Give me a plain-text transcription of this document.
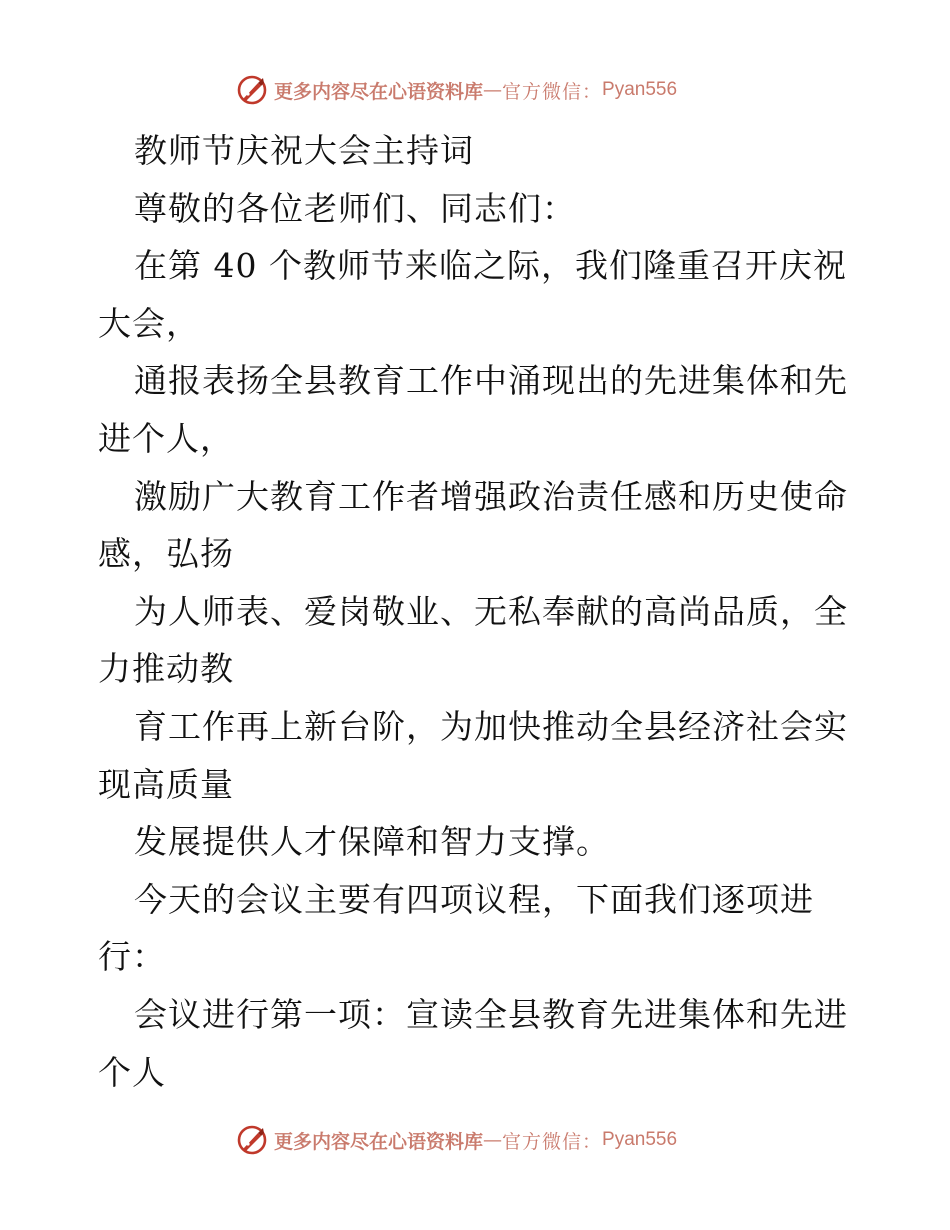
更多内容尽在心语资料库 — 官方微信： Pyan556
教师节庆祝大会主持词
尊敬的各位老师们、同志们：
在第 40 个教师节来临之际，我们隆重召开庆祝
大会，
通报表扬全县教育工作中涌现出的先进集体和先
进个人，
激励广大教育工作者增强政治责任感和历史使命
感，弘扬
为人师表、爱岗敬业、无私奉献的高尚品质，全
力推动教
育工作再上新台阶，为加快推动全县经济社会实
现高质量
发展提供人才保障和智力支撑。
今天的会议主要有四项议程，下面我们逐项进
行：
会议进行第一项：宣读全县教育先进集体和先进
个人
更多内容尽在心语资料库 — 官方微信： Pyan556
